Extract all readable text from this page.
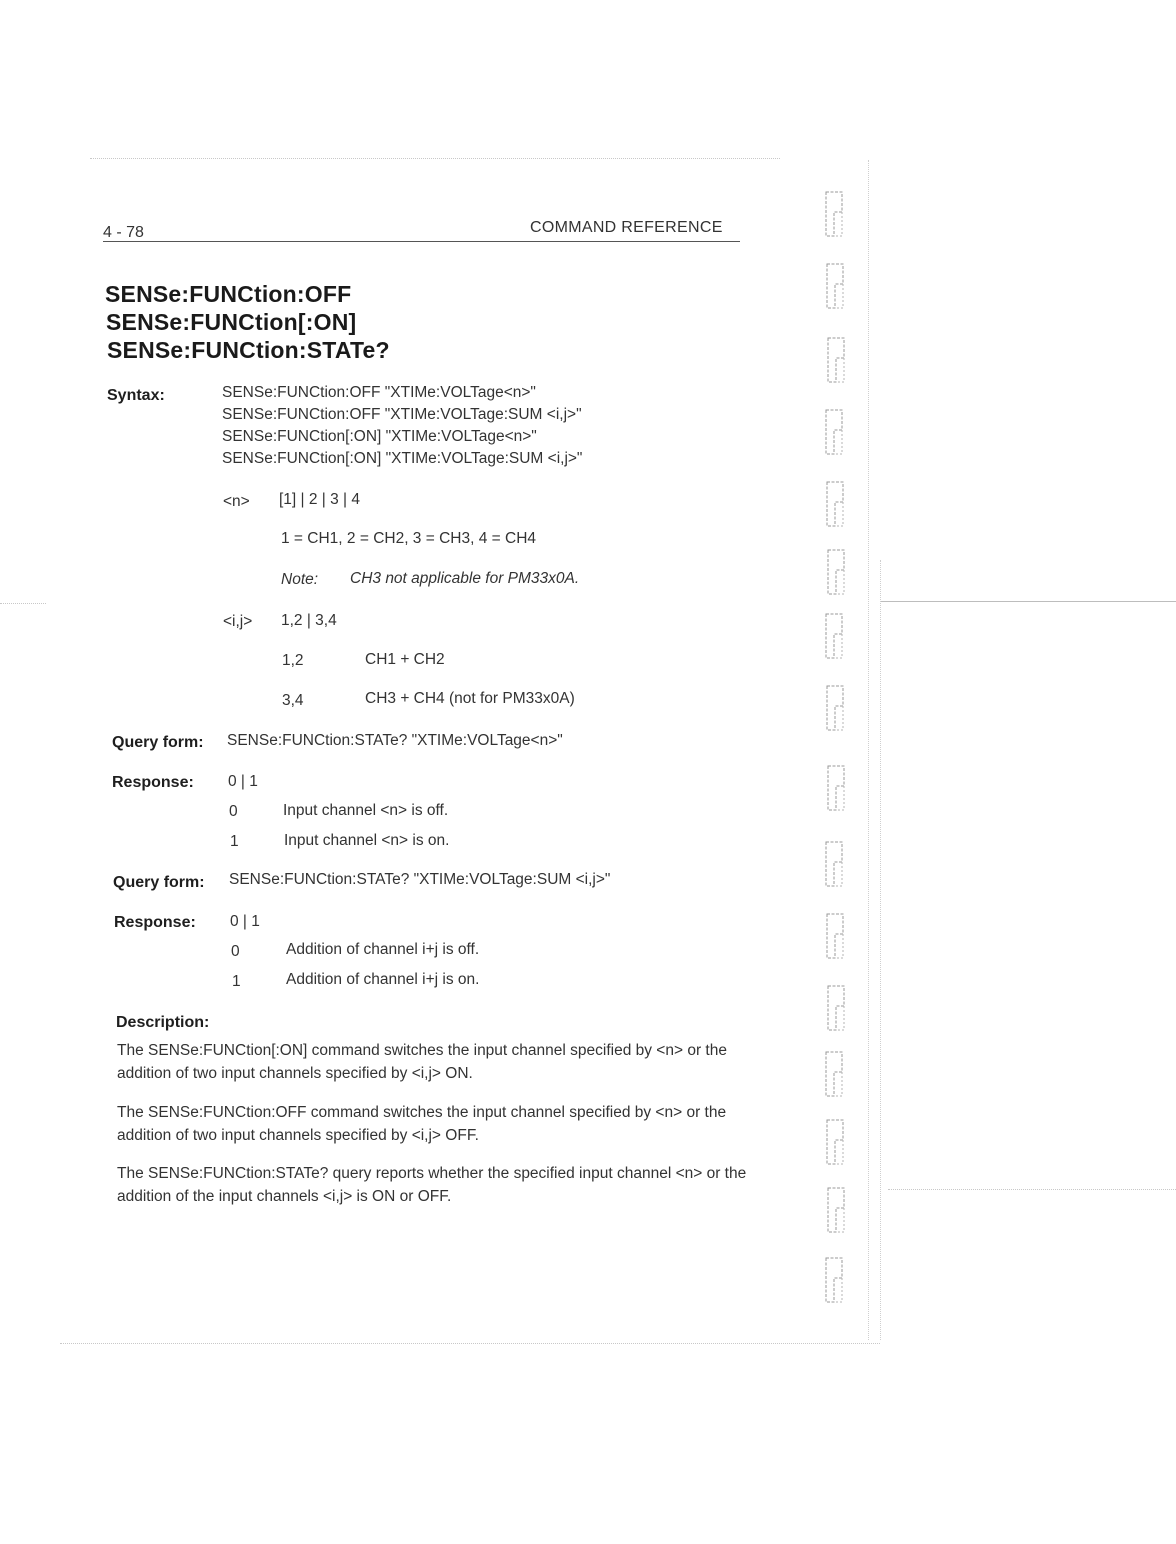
4 - 78	COMMAND REFERENCE
SENSe:FUNCtion:OFF
SENSe:FUNCtion[:ON]
SENSe:FUNCtion:STATe?
Syntax:	SENSe:FUNCtion:OFF "XTIMe:VOLTage<n>"
SENSe:FUNCtion:OFF "XTIMe:VOLTage:SUM <i,j>"
SENSe:FUNCtion[:ON] "XTIMe:VOLTage<n>"
SENSe:FUNCtion[:ON] "XTIMe:VOLTage:SUM <i,j>"
<n> [1] | 2 | 3 | 4
1 = CH1, 2 = CH2, 3 = CH3, 4 = CH4
Note: CH3 not applicable for PM33x0A.
<i,j> 1,2 | 3,4
1,2	CH1 + CH2
3,4	CH3 + CH4 (not for PM33x0A)
Query form: SENSe:FUNCtion:STATe? "XTIMe:VOLTage<n>"
Response: 0 | 1
0	Input channel <n> is off.
1	Input channel <n> is on.
Query form: SENSe:FUNCtion:STATe? "XTIMe:VOLTage:SUM <i,j>"
Response: 0 | 1
0	Addition of channel i+j is off.
1	Addition of channel i+j is on.
Description:
The SENSe:FUNCtion[:ON] command switches the input channel specified by <n> or the addition of two input channels specified by <i,j> ON.
The SENSe:FUNCtion:OFF command switches the input channel specified by <n> or the addition of two input channels specified by <i,j> OFF.
The SENSe:FUNCtion:STATe? query reports whether the specified input channel <n> or the addition of the input channels <i,j> is ON or OFF.
